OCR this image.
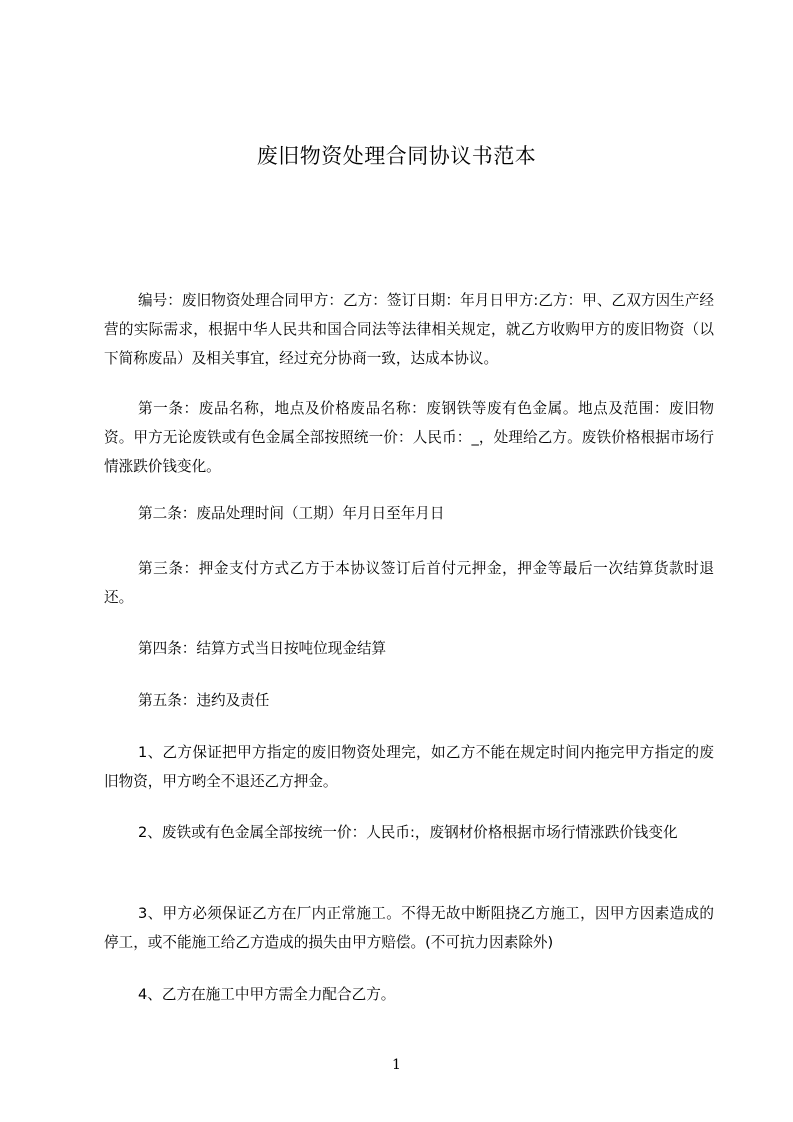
废旧物资处理合同协议书范本
编号：废旧物资处理合同甲方：乙方：签订日期：年月日甲方:乙方：甲、乙双方因生产经营的实际需求，根据中华人民共和国合同法等法律相关规定，就乙方收购甲方的废旧物资（以下简称废品）及相关事宜，经过充分协商一致，达成本协议。
第一条：废品名称，地点及价格废品名称：废钢铁等废有色金属。地点及范围：废旧物资。甲方无论废铁或有色金属全部按照统一价：人民币：_，处理给乙方。废铁价格根据市场行情涨跌价钱变化。
第二条：废品处理时间（工期）年月日至年月日
第三条：押金支付方式乙方于本协议签订后首付元押金，押金等最后一次结算货款时退还。
第四条：结算方式当日按吨位现金结算
第五条：违约及责任
1、乙方保证把甲方指定的废旧物资处理完，如乙方不能在规定时间内拖完甲方指定的废旧物资，甲方哟全不退还乙方押金。
2、废铁或有色金属全部按统一价：人民币:，废钢材价格根据市场行情涨跌价钱变化
3、甲方必须保证乙方在厂内正常施工。不得无故中断阻挠乙方施工，因甲方因素造成的停工，或不能施工给乙方造成的损失由甲方赔偿。(不可抗力因素除外)
4、乙方在施工中甲方需全力配合乙方。
1
